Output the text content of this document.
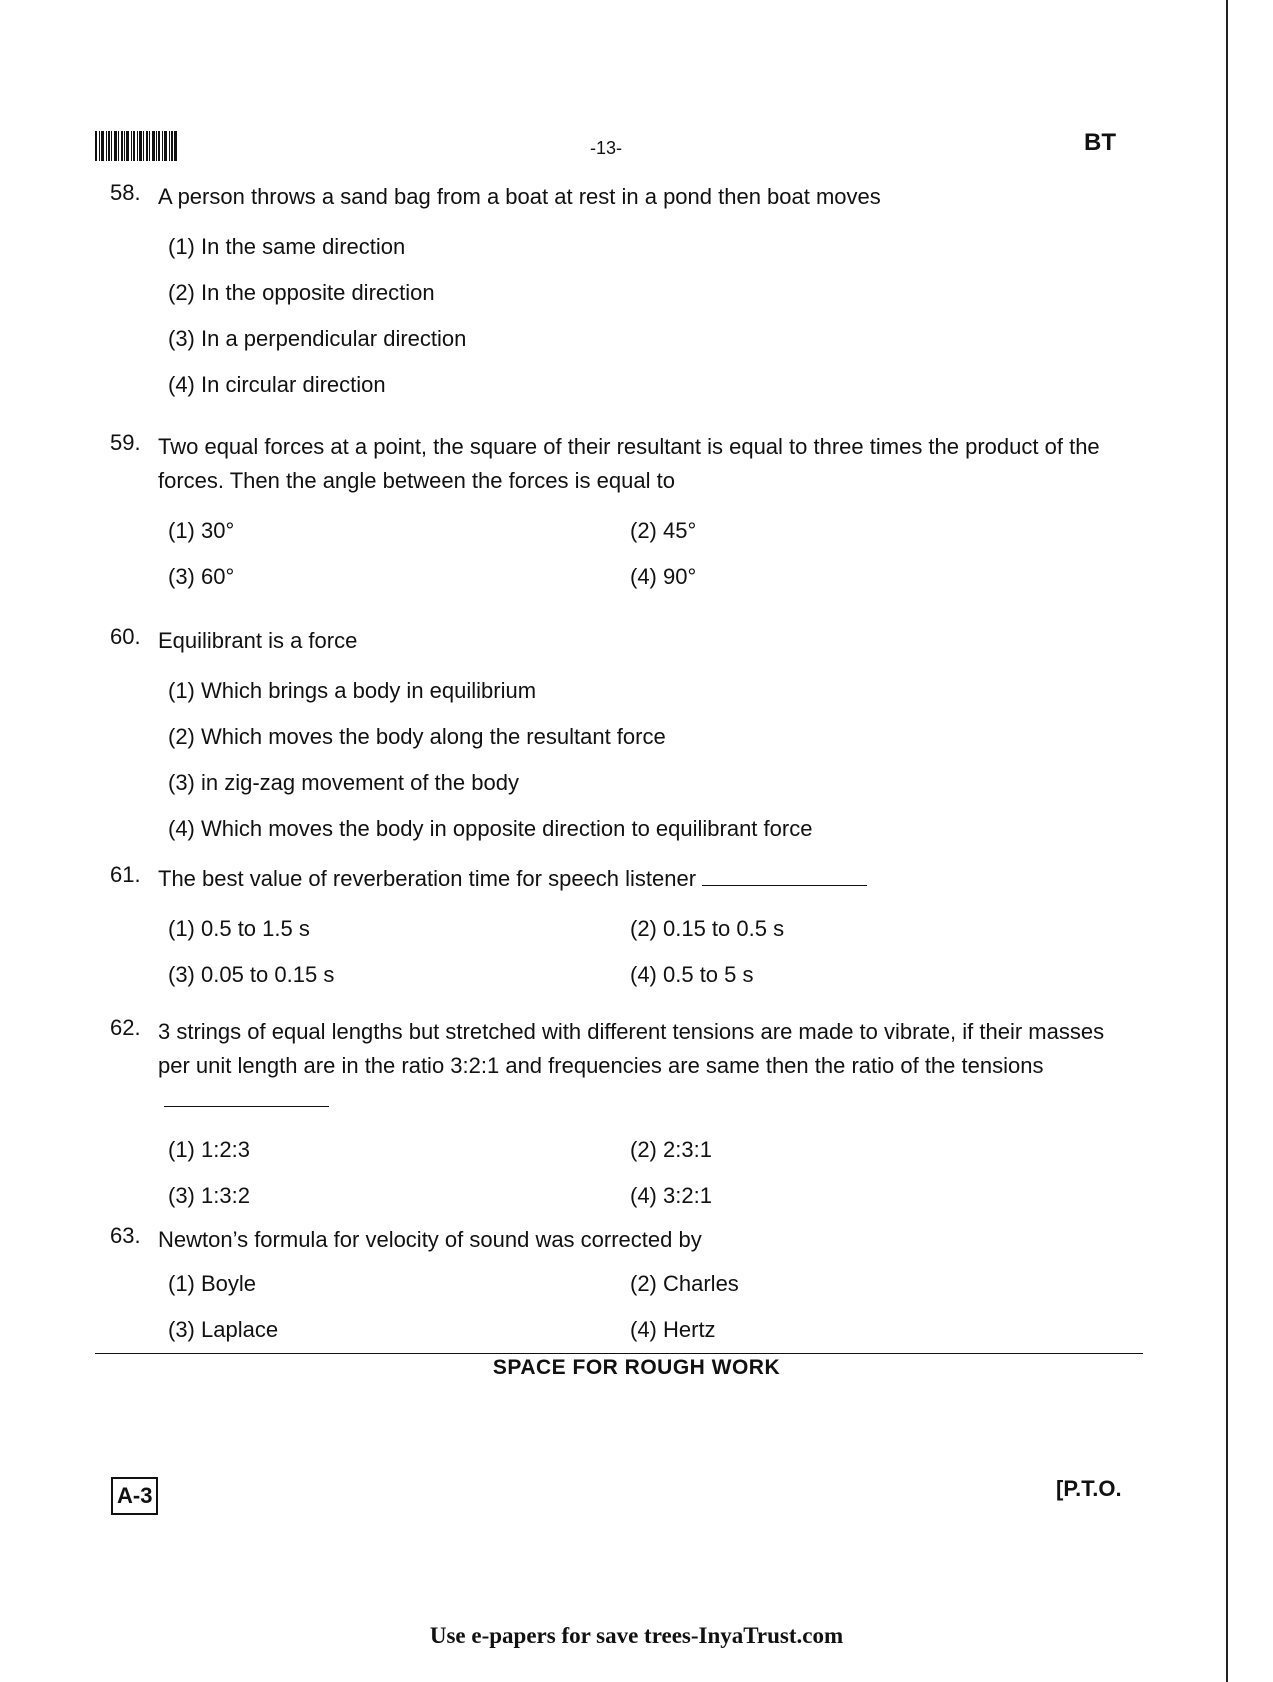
-13-	BT
58. A person throws a sand bag from a boat at rest in a pond then boat moves
(1) In the same direction
(2) In the opposite direction
(3) In a perpendicular direction
(4) In circular direction
59. Two equal forces at a point, the square of their resultant is equal to three times the product of the forces. Then the angle between the forces is equal to
(1) 30°	(2) 45°
(3) 60°	(4) 90°
60. Equilibrant is a force
(1) Which brings a body in equilibrium
(2) Which moves the body along the resultant force
(3) in zig-zag movement of the body
(4) Which moves the body in opposite direction to equilibrant force
61. The best value of reverberation time for speech listener
(1) 0.5 to 1.5 s	(2) 0.15 to 0.5 s
(3) 0.05 to 0.15 s	(4) 0.5 to 5 s
62. 3 strings of equal lengths but stretched with different tensions are made to vibrate, if their masses per unit length are in the ratio 3:2:1 and frequencies are same then the ratio of the tensions
(1) 1:2:3	(2) 2:3:1
(3) 1:3:2	(4) 3:2:1
63. Newton’s formula for velocity of sound was corrected by
(1) Boyle	(2) Charles
(3) Laplace	(4) Hertz
SPACE FOR ROUGH WORK
A-3	[P.T.O.
Use e-papers for save trees-InyaTrust.com
